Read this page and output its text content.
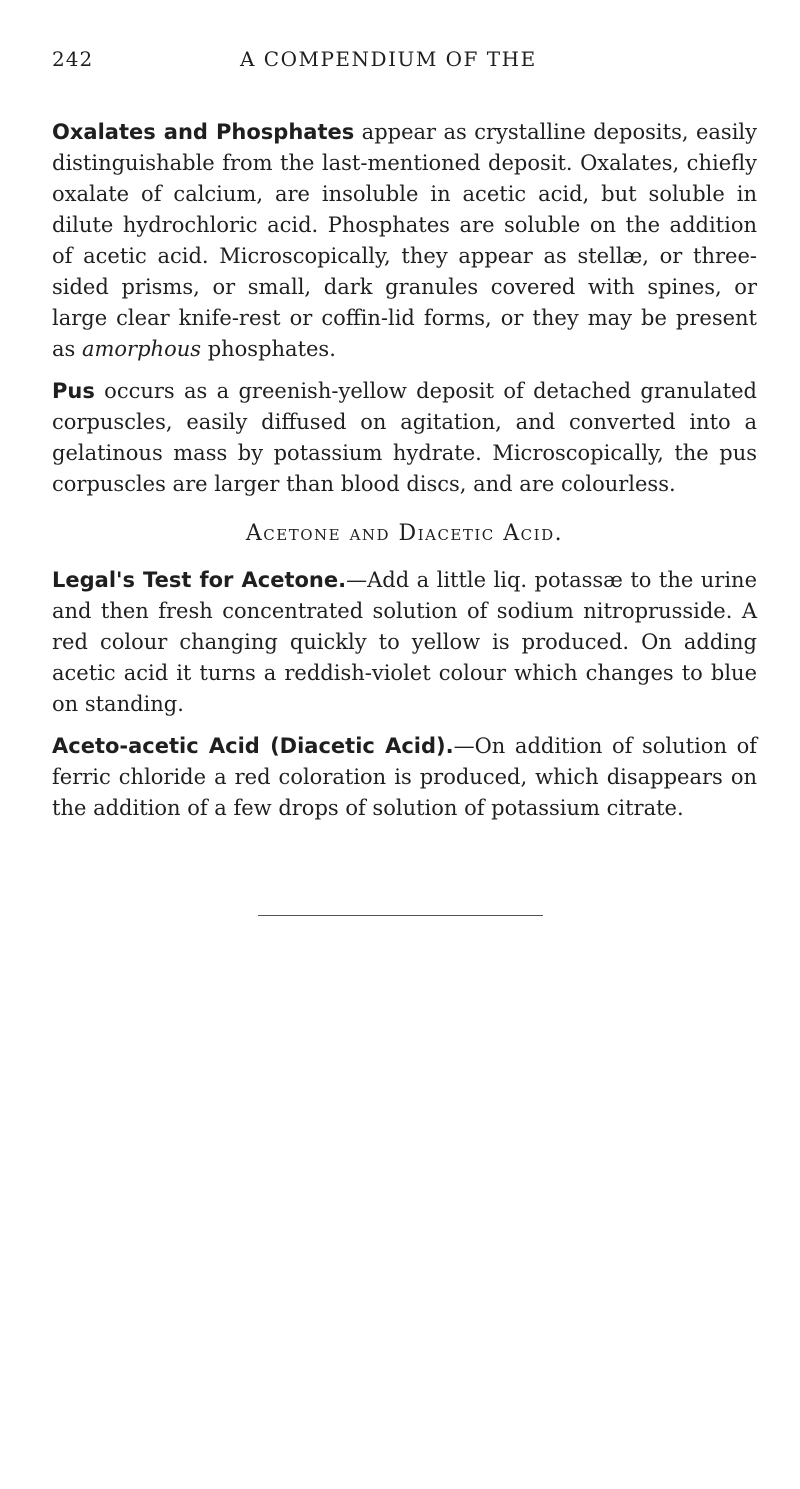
242	A COMPENDIUM OF THE

Oxalates and Phosphates appear as crystalline deposits, easily distinguishable from the last-mentioned deposit. Oxalates, chiefly oxalate of calcium, are insoluble in acetic acid, but soluble in dilute hydrochloric acid. Phosphates are soluble on the addition of acetic acid. Microscopically, they appear as stellæ, or three-sided prisms, or small, dark granules covered with spines, or large clear knife-rest or coffin-lid forms, or they may be present as amorphous phosphates.

Pus occurs as a greenish-yellow deposit of detached granulated corpuscles, easily diffused on agitation, and converted into a gelatinous mass by potassium hydrate. Microscopically, the pus corpuscles are larger than blood discs, and are colourless.

Acetone and Diacetic Acid.

Legal's Test for Acetone.—Add a little liq. potassæ to the urine and then fresh concentrated solution of sodium nitroprusside. A red colour changing quickly to yellow is produced. On adding acetic acid it turns a reddish-violet colour which changes to blue on standing.

Aceto-acetic Acid (Diacetic Acid).—On addition of solution of ferric chloride a red coloration is produced, which disappears on the addition of a few drops of solution of potassium citrate.
